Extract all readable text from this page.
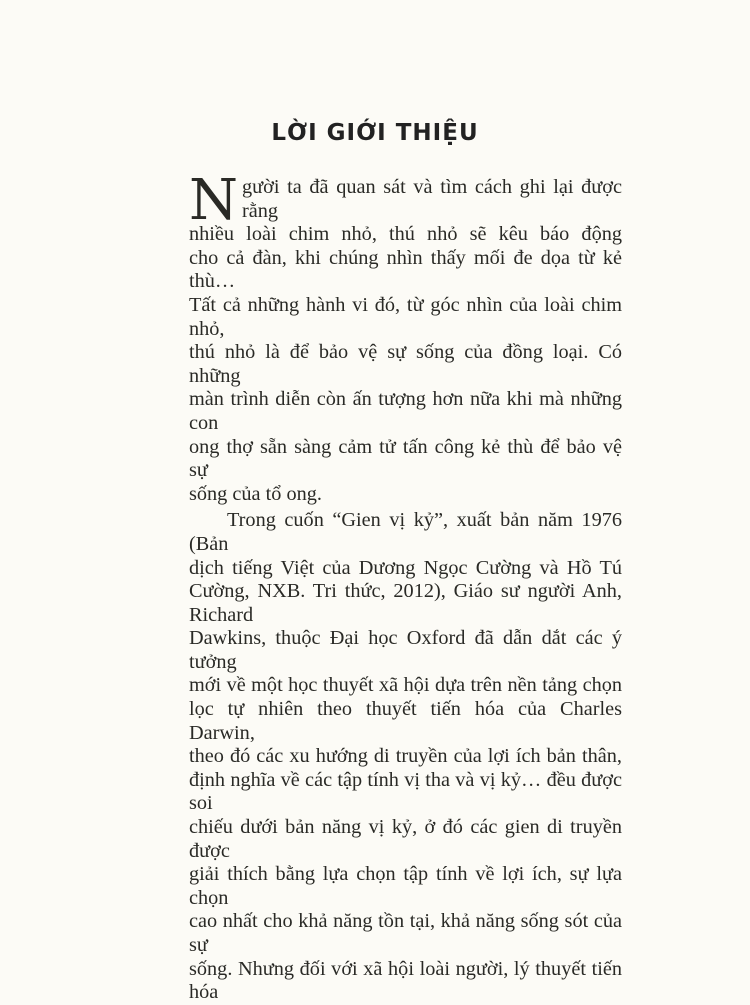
LỜI GIỚI THIỆU
N gười ta đã quan sát và tìm cách ghi lại được rằng
nhiều loài chim nhỏ, thú nhỏ sẽ kêu báo động
cho cả đàn, khi chúng nhìn thấy mối đe dọa từ kẻ thù…
Tất cả những hành vi đó, từ góc nhìn của loài chim nhỏ,
thú nhỏ là để bảo vệ sự sống của đồng loại. Có những
màn trình diễn còn ấn tượng hơn nữa khi mà những con
ong thợ sẵn sàng cảm tử tấn công kẻ thù để bảo vệ sự
sống của tổ ong.
Trong cuốn “Gien vị kỷ”, xuất bản năm 1976 (Bản
dịch tiếng Việt của Dương Ngọc Cường và Hồ Tú
Cường, NXB. Tri thức, 2012), Giáo sư người Anh, Richard
Dawkins, thuộc Đại học Oxford đã dẫn dắt các ý tưởng
mới về một học thuyết xã hội dựa trên nền tảng chọn
lọc tự nhiên theo thuyết tiến hóa của Charles Darwin,
theo đó các xu hướng di truyền của lợi ích bản thân,
định nghĩa về các tập tính vị tha và vị kỷ… đều được soi
chiếu dưới bản năng vị kỷ, ở đó các gien di truyền được
giải thích bằng lựa chọn tập tính về lợi ích, sự lựa chọn
cao nhất cho khả năng tồn tại, khả năng sống sót của sự
sống. Nhưng đối với xã hội loài người, lý thuyết tiến hóa
